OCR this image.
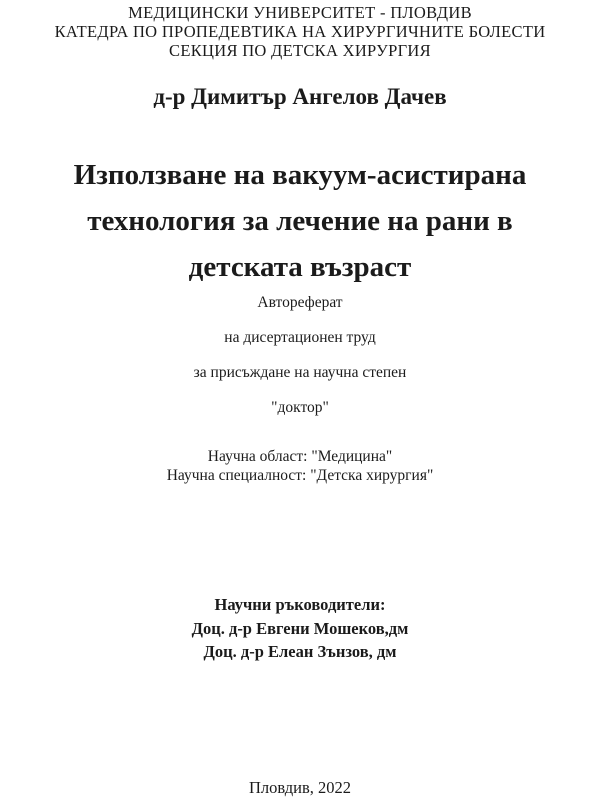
МЕДИЦИНСКИ УНИВЕРСИТЕТ - ПЛОВДИВ
КАТЕДРА ПО ПРОПЕДЕВТИКА НА ХИРУРГИЧНИТЕ БОЛЕСТИ
СЕКЦИЯ ПО ДЕТСКА ХИРУРГИЯ
д-р Димитър Ангелов Дачев
Използване на вакуум-асистирана
технология за лечение на рани в
детската възраст
Автореферат
на дисертационен труд
за присъждане на научна степен
"доктор"
Научна област: "Медицина"
Научна специалност: "Детска хирургия"
Научни ръководители:
Доц. д-р Евгени Мошеков,дм
Доц. д-р Елеан Зънзов, дм
Пловдив, 2022
